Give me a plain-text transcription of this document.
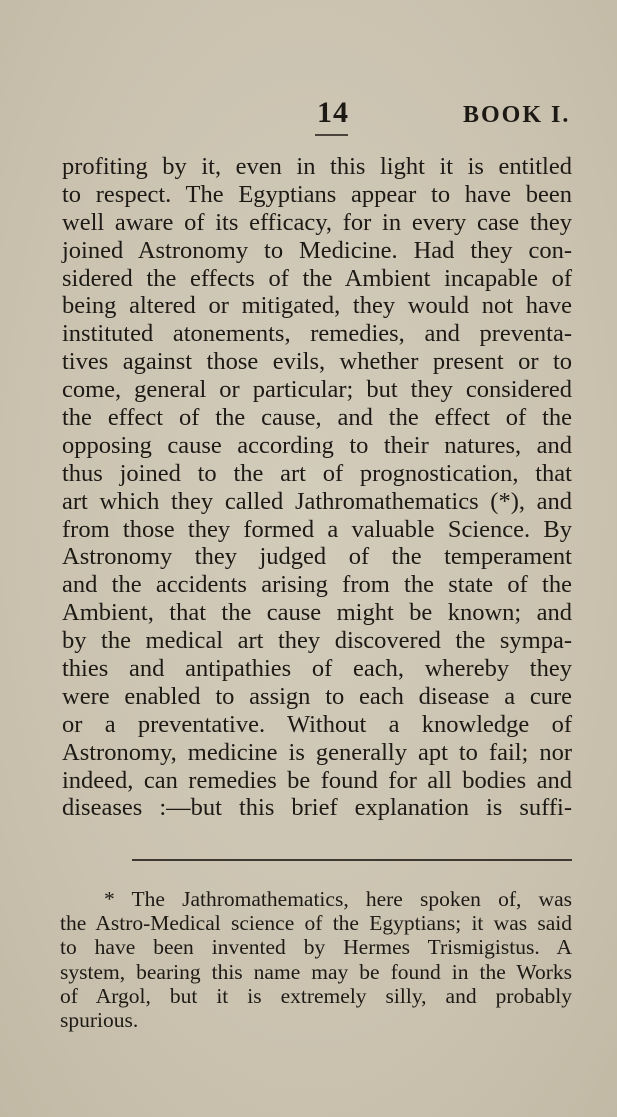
14	BOOK I.
profiting by it, even in this light it is entitled
to respect. The Egyptians appear to have been
well aware of its efficacy, for in every case they
joined Astronomy to Medicine. Had they con-
sidered the effects of the Ambient incapable of
being altered or mitigated, they would not have
instituted atonements, remedies, and preventa-
tives against those evils, whether present or to
come, general or particular; but they considered
the effect of the cause, and the effect of the
opposing cause according to their natures, and
thus joined to the art of prognostication, that
art which they called Jathromathematics (*), and
from those they formed a valuable Science. By
Astronomy they judged of the temperament
and the accidents arising from the state of the
Ambient, that the cause might be known; and
by the medical art they discovered the sympa-
thies and antipathies of each, whereby they
were enabled to assign to each disease a cure
or a preventative. Without a knowledge of
Astronomy, medicine is generally apt to fail; nor
indeed, can remedies be found for all bodies and
diseases :—but this brief explanation is suffi-
* The Jathromathematics, here spoken of, was
the Astro-Medical science of the Egyptians; it was said
to have been invented by Hermes Trismigistus. A
system, bearing this name may be found in the Works
of Argol, but it is extremely silly, and probably
spurious.
